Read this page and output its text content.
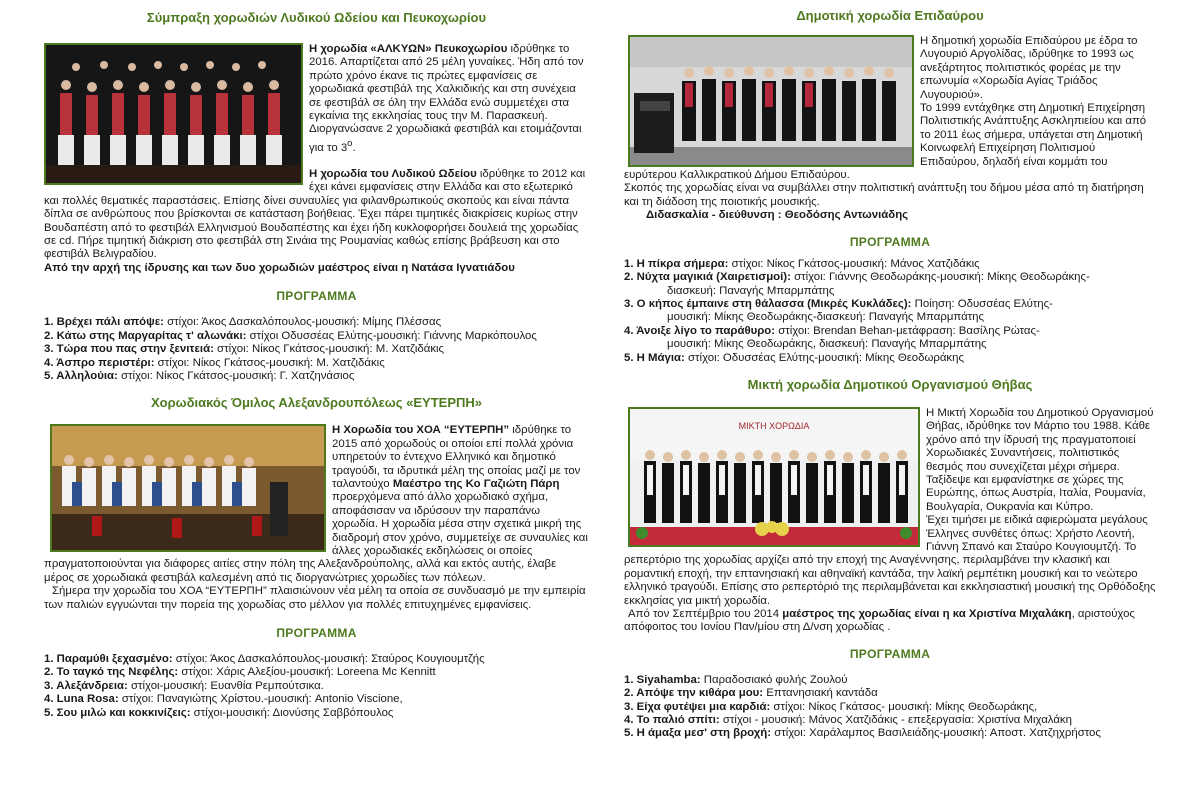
Σύμπραξη χορωδιών Λυδικού Ωδείου και Πευκοχωρίου

Η χορωδία «ΑΛΚΥΩΝ» Πευκοχωρίου ιδρύθηκε το 2016. Απαρτίζεται από 25 μέλη γυναίκες. Ήδη από τον πρώτο χρόνο έκανε τις πρώτες εμφανίσεις σε χορωδιακά φεστιβάλ της Χαλκιδικής και στη συνέχεια σε φεστιβάλ σε όλη την Ελλάδα ενώ συμμετέχει στα εγκαίνια της εκκλησίας τους την Μ. Παρασκευή. Διοργανώσανε 2 χορωδιακά φεστιβάλ και ετοιμάζονται για το $3^o$.

Η χορωδία του Λυδικού Ωδείου ιδρύθηκε το 2012 και έχει κάνει εμφανίσεις στην Ελλάδα και στο εξωτερικό και πολλές θεματικές παραστάσεις. Επίσης δίνει συναυλίες για φιλανθρωπικούς σκοπούς και είναι πάντα δίπλα σε ανθρώπους που βρίσκονται σε κατάσταση βοήθειας. Έχει πάρει τιμητικές διακρίσεις κυρίως στην Βουδαπέστη από το φεστιβάλ Ελληνισμού Βουδαπέστης και έχει ήδη κυκλοφορήσει δουλειά της χορωδίας σε cd. Πήρε τιμητική διάκριση στο φεστιβάλ στη Σινάια της Ρουμανίας καθώς επίσης βράβευση και στο φεστιβάλ Βελιγραδίου.

Από την αρχή της ίδρυσης και των δυο χορωδιών μαέστρος είναι η Νατάσα Ιγνατιάδου

ΠΡΟΓΡΑΜΜΑ
1. Βρέχει πάλι απόψε: στίχοι: Άκος Δασκαλόπουλος-μουσική: Μίμης Πλέσσας
2. Κάτω στης Μαργαρίτας τ' αλωνάκι: στίχοι Οδυσσέας Ελύτης-μουσική: Γιάννης Μαρκόπουλος
3. Τώρα που πας στην ξενιτειά: στίχοι: Νίκος Γκάτσος-μουσική: Μ. Χατζιδάκις
4. Άσπρο περιστέρι: στίχοι: Νίκος Γκάτσος-μουσική: Μ. Χατζιδάκις
5. Αλληλούια: στίχοι: Νίκος Γκάτσος-μουσική: Γ. Χατζηνάσιος
Χορωδιακός Όμιλος Αλεξανδρουπόλεως «ΕΥΤΕΡΠΗ»

Η Χορωδία του ΧΟΑ “ΕΥΤΕΡΠΗ” ιδρύθηκε το 2015 από χορωδούς οι οποίοι επί πολλά χρόνια υπηρετούν το έντεχνο Ελληνικό και δημοτικό τραγούδι, τα ιδρυτικά μέλη της οποίας μαζί με τον ταλαντούχο Μαέστρο της Κο Γαζιώτη Πάρη προερχόμενα από άλλο χορωδιακό σχήμα, αποφάσισαν να ιδρύσουν την παραπάνω χορωδία. Η χορωδία μέσα στην σχετικά μικρή της διαδρομή στον χρόνο, συμμετείχε σε συναυλίες και άλλες χορωδιακές εκδηλώσεις οι οποίες πραγματοποιούνται για διάφορες αιτίες στην πόλη της Αλεξανδρούπολης, αλλά και εκτός αυτής, έλαβε μέρος σε χορωδιακά φεστιβάλ καλεσμένη από τις διοργανώτριες χορωδίες των πόλεων.

Σήμερα την χορωδία του ΧΟΑ “ΕΥΤΕΡΠΗ” πλαισιώνουν νέα μέλη τα οποία σε συνδυασμό με την εμπειρία των παλιών εγγυώνται την πορεία της χορωδίας στο μέλλον για πολλές επιτυχημένες εμφανίσεις.

ΠΡΟΓΡΑΜΜΑ
1. Παραμύθι ξεχασμένο: στίχοι: Άκος Δασκαλόπουλος-μουσική: Σταύρος Κουγιουμτζής
2. Το ταγκό της Νεφέλης: στίχοι: Χάρις Αλεξίου-μουσική: Loreena Mc Kennitt
3. Αλεξάνδρεια: στίχοι-μουσική: Ευανθία Ρεμπούτσικα.
4. Luna Rosa: στίχοι: Παναγιώτης Χρίστου.-μουσική: Antonio Viscione,
5. Σου μιλώ και κοκκινίζεις: στίχοι-μουσική: Διονύσης Σαββόπουλος
Δημοτική χορωδία Επιδαύρου

Η δημοτική χορωδία Επιδαύρου με έδρα το Λυγουριό Αργολίδας, ιδρύθηκε το 1993 ως ανεξάρτητος πολιτιστικός φορέας με την επωνυμία «Χορωδία Αγίας Τριάδος Λυγουριού».

Το 1999 εντάχθηκε στη Δημοτική Επιχείρηση Πολιτιστικής Ανάπτυξης Ασκληπιείου και από το 2011 έως σήμερα, υπάγεται στη Δημοτική Κοινωφελή Επιχείρηση Πολιτισμού Επιδαύρου, δηλαδή είναι κομμάτι του ευρύτερου Καλλικρατικού Δήμου Επιδαύρου.

Σκοπός της χορωδίας είναι να συμβάλλει στην πολιτιστική ανάπτυξη του δήμου μέσα από τη διατήρηση και τη διάδοση της ποιοτικής μουσικής.

Διδασκαλία - διεύθυνση : Θεοδόσης Αντωνιάδης

ΠΡΟΓΡΑΜΜΑ
1. Η πίκρα σήμερα: στίχοι: Νίκος Γκάτσος-μουσική: Μάνος Χατζιδάκις
2. Νύχτα μαγικιά (Χαιρετισμοί): στίχοι: Γιάννης Θεοδωράκης-μουσική: Μίκης Θεοδωράκης-
διασκευή: Παναγής Μπαρμπάτης
3. Ο κήπος έμπαινε στη θάλασσα (Μικρές Κυκλάδες): Ποίηση: Οδυσσέας Ελύτης-
μουσική: Μίκης Θεοδωράκης-διασκευή: Παναγής Μπαρμπάτης
4. Άνοιξε λίγο το παράθυρο: στίχοι: Brendan Behan-μετάφραση: Βασίλης Ρώτας-
μουσική: Μίκης Θεοδωράκης, διασκευή: Παναγής Μπαρμπάτης
5. Η Μάγια: στίχοι: Οδυσσέας Ελύτης-μουσική: Μίκης Θεοδωράκης
Μικτή χορωδία Δημοτικού Οργανισμού Θήβας
ΜΙΚΤΗ ΧΟΡΩΔΙΑ

Η Μικτή Χορωδία του Δημοτικού Οργανισμού Θήβας, ιδρύθηκε τον Μάρτιο του 1988. Κάθε χρόνο από την ίδρυσή της πραγματοποιεί Χορωδιακές Συναντήσεις, πολιτιστικός θεσμός που συνεχίζεται μέχρι σήμερα.

Ταξίδεψε και εμφανίστηκε σε χώρες της Ευρώπης, όπως Αυστρία, Ιταλία, Ρουμανία, Βουλγαρία, Ουκρανία και Κύπρο.

Έχει τιμήσει με ειδικά αφιερώματα μεγάλους Έλληνες συνθέτες όπως: Χρήστο Λεοντή, Γιάννη Σπανό και Σταύρο Κουγιουμτζή. Το ρεπερτόριο της χορωδίας αρχίζει από την εποχή της Αναγέννησης, περιλαμβάνει την κλασική και ρομαντική εποχή, την επτανησιακή και αθηναϊκή καντάδα, την λαϊκή ρεμπέτικη μουσική και το νεώτερο ελληνικό τραγούδι. Επίσης στο ρεπερτόριό της περιλαμβάνεται και εκκλησιαστική μουσική της Ορθόδοξης εκκλησίας για μικτή χορωδία.

Από τον Σεπτέμβριο του 2014 μαέστρος της χορωδίας είναι η κα Χριστίνα Μιχαλάκη, αριστούχος απόφοιτος του Ιονίου Παν/μίου στη Δ/νση χορωδίας .

ΠΡΟΓΡΑΜΜΑ
1. Siyahamba: Παραδοσιακό φυλής Ζουλού
2. Απόψε την κιθάρα μου: Επτανησιακή καντάδα
3. Είχα φυτέψει μια καρδιά: στίχοι: Νίκος Γκάτσος- μουσική: Μίκης Θεοδωράκης,
4. Το παλιό σπίτι: στίχοι - μουσική: Μάνος Χατζιδάκις - επεξεργασία: Χριστίνα Μιχαλάκη
5. Η άμαξα μεσ' στη βροχή: στίχοι: Χαράλαμπος Βασιλειάδης-μουσική: Αποστ. Χατζηχρήστος
